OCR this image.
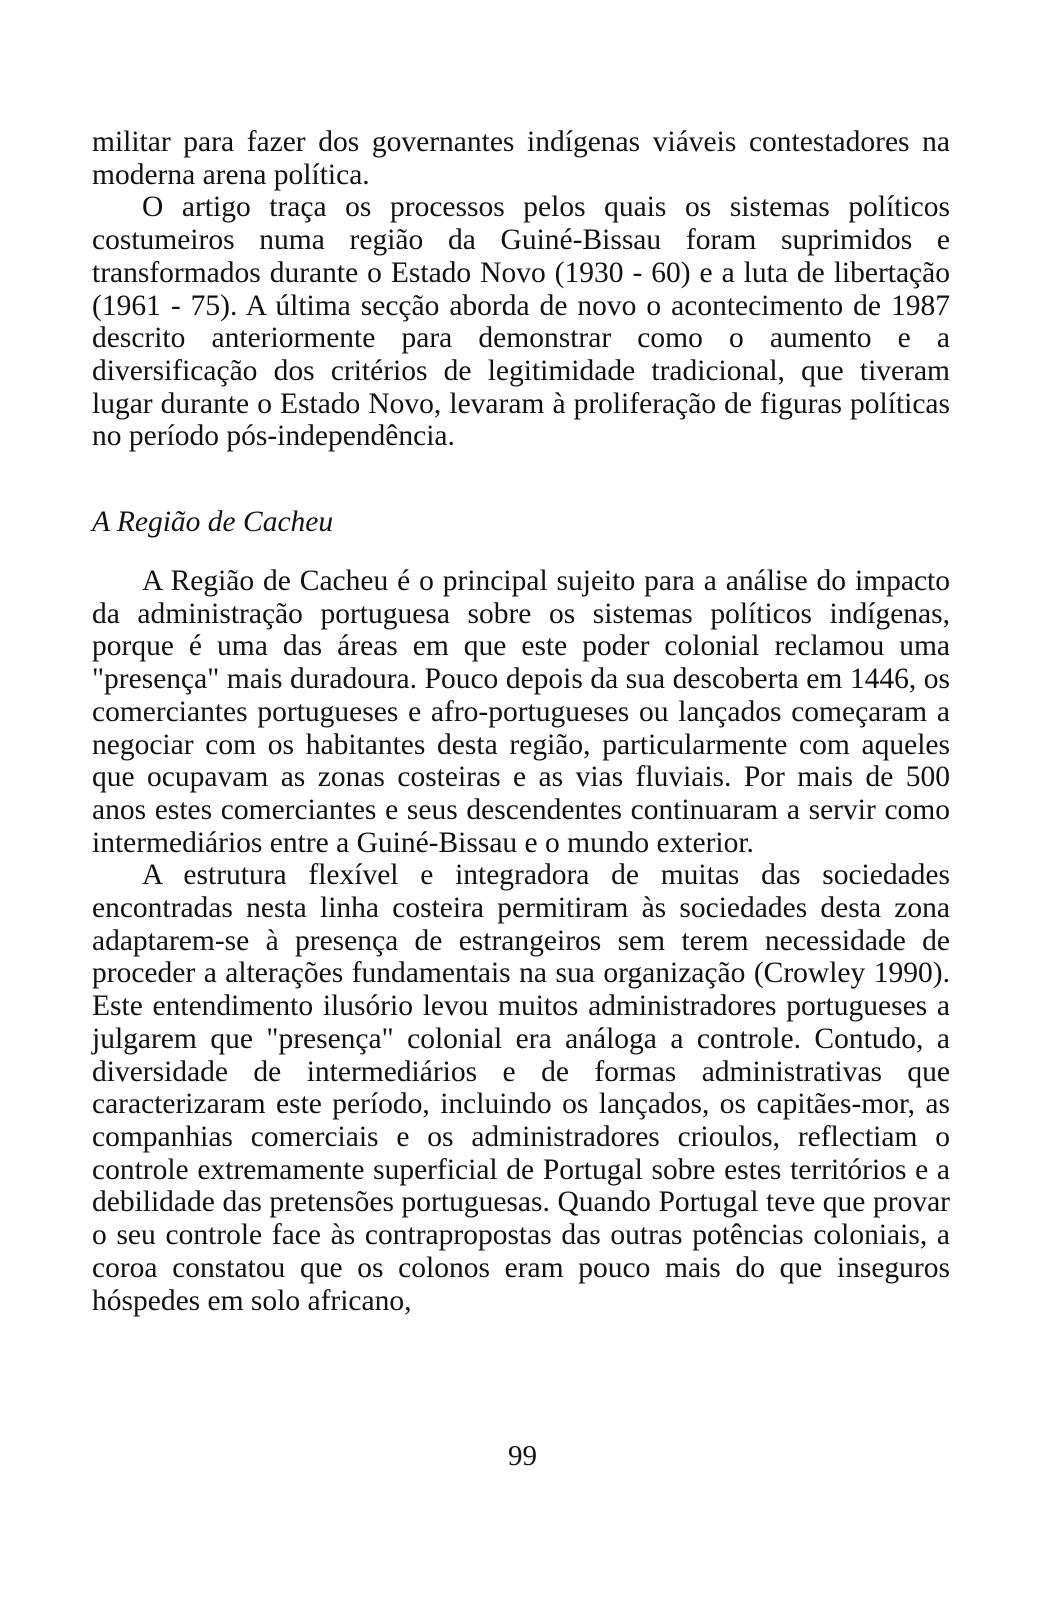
militar para fazer dos governantes indígenas viáveis contestadores na moderna arena política.

O artigo traça os processos pelos quais os sistemas políticos costumeiros numa região da Guiné-Bissau foram suprimidos e transformados durante o Estado Novo (1930 - 60) e a luta de libertação (1961 - 75). A última secção aborda de novo o acontecimento de 1987 descrito anteriormente para demonstrar como o aumento e a diversificação dos critérios de legitimidade tradicional, que tiveram lugar durante o Estado Novo, levaram à proliferação de figuras políticas no período pós-independência.

A Região de Cacheu

A Região de Cacheu é o principal sujeito para a análise do impacto da administração portuguesa sobre os sistemas políticos indígenas, porque é uma das áreas em que este poder colonial reclamou uma "presença" mais duradoura. Pouco depois da sua descoberta em 1446, os comerciantes portugueses e afro-portugueses ou lançados começaram a negociar com os habitantes desta região, particularmente com aqueles que ocupavam as zonas costeiras e as vias fluviais. Por mais de 500 anos estes comerciantes e seus descendentes continuaram a servir como intermediários entre a Guiné-Bissau e o mundo exterior.

A estrutura flexível e integradora de muitas das sociedades encontradas nesta linha costeira permitiram às sociedades desta zona adaptarem-se à presença de estrangeiros sem terem necessidade de proceder a alterações fundamentais na sua organização (Crowley 1990). Este entendimento ilusório levou muitos administradores portugueses a julgarem que "presença" colonial era análoga a controle. Contudo, a diversidade de intermediários e de formas administrativas que caracterizaram este período, incluindo os lançados, os capitães-mor, as companhias comerciais e os administradores crioulos, reflectiam o controle extremamente superficial de Portugal sobre estes territórios e a debilidade das pretensões portuguesas. Quando Portugal teve que provar o seu controle face às contrapropostas das outras potências coloniais, a coroa constatou que os colonos eram pouco mais do que inseguros hóspedes em solo africano,

99
